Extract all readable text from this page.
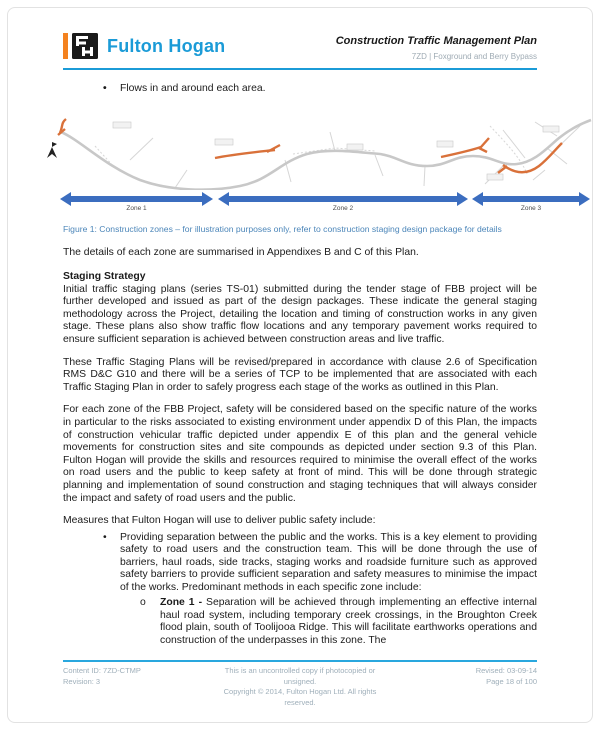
Fulton Hogan	Construction Traffic Management Plan
7ZD | Foxground and Berry Bypass
•	Flows in and around each area.
Zone 1	Zone 2	Zone 3
Figure 1: Construction zones – for illustration purposes only, refer to construction staging design package for details
The details of each zone are summarised in Appendixes B and C of this Plan.
Staging Strategy
Initial traffic staging plans (series TS-01) submitted during the tender stage of FBB project will be further developed and issued as part of the design packages. These indicate the general staging methodology across the Project, detailing the location and timing of construction works in any given stage. These plans also show traffic flow locations and any temporary pavement works required to ensure sufficient separation is achieved between construction areas and live traffic.
These Traffic Staging Plans will be revised/prepared in accordance with clause 2.6 of Specification RMS D&C G10 and there will be a series of TCP to be implemented that are associated with each Traffic Staging Plan in order to safely progress each stage of the works as outlined in this Plan.
For each zone of the FBB Project, safety will be considered based on the specific nature of the works in particular to the risks associated to existing environment under appendix D of this Plan, the impacts of construction vehicular traffic depicted under appendix E of this plan and the general vehicle movements for construction sites and site compounds as depicted under section 9.3 of this Plan. Fulton Hogan will provide the skills and resources required to minimise the overall effect of the works on road users and the public to keep safety at front of mind. This will be done through strategic planning and implementation of sound construction and staging techniques that will always consider the impact and safety of road users and the public.
Measures that Fulton Hogan will use to deliver public safety include:
•	Providing separation between the public and the works. This is a key element to providing safety to road users and the construction team. This will be done through the use of barriers, haul roads, side tracks, staging works and roadside furniture such as approved safety barriers to provide sufficient separation and safety measures to minimise the impact of the works. Predominant methods in each specific zone include:
o	Zone 1 - Separation will be achieved through implementing an effective internal haul road system, including temporary creek crossings, in the Broughton Creek flood plain, south of Toolijooa Ridge. This will facilitate earthworks operations and construction of the underpasses in this zone. The
Content ID: 7ZD-CTMP
Revision: 3
This is an uncontrolled copy if photocopied or unsigned.
Copyright © 2014, Fulton Hogan Ltd. All rights reserved.
Revised: 03-09-14
Page 18 of 100
